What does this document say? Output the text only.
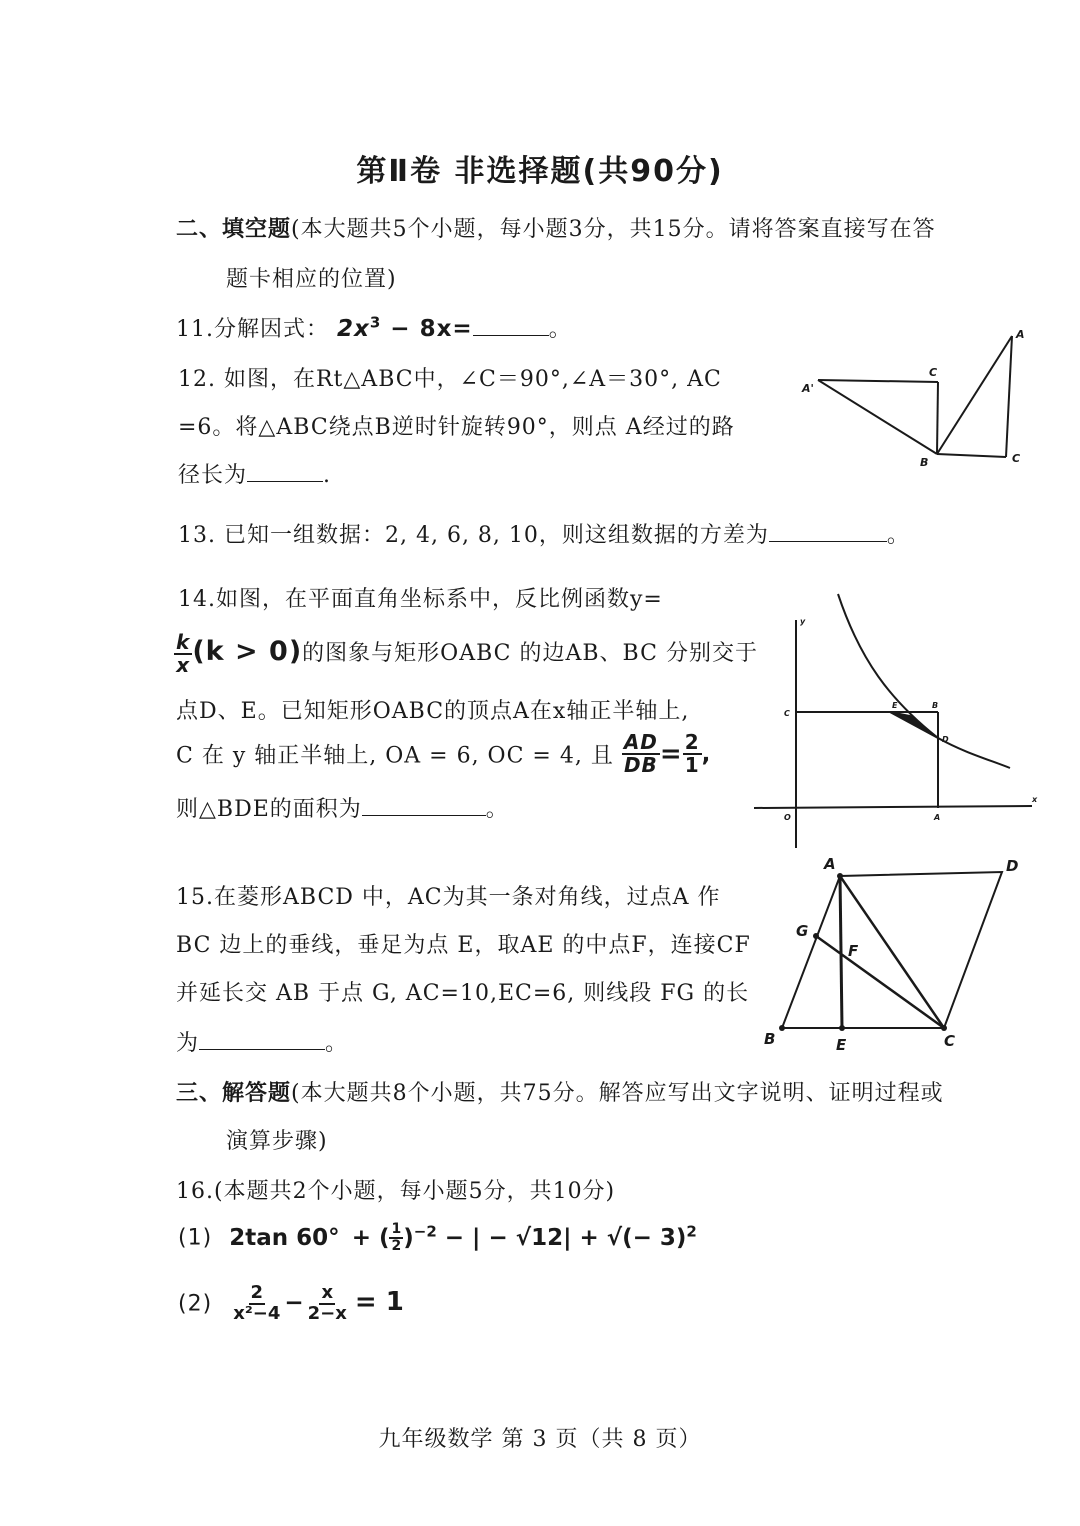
第Ⅱ卷 非选择题(共90分)
二、填空题(本大题共5个小题，每小题3分，共15分。请将答案直接写在答
题卡相应的位置)
11.分解因式： $2x^3 - 8x=$	。
12. 如图，在Rt△ABC中，∠C＝90°,∠A＝30°, AC
=6。将△ABC绕点B逆时针旋转90°，则点 A经过的路
径长为	.
A
A'
C
B	C
13. 已知一组数据：2, 4, 6, 8, 10，则这组数据的方差为	。
14.如图，在平面直角坐标系中，反比例函数y=
$\frac{k}{x} (k > 0)$的图象与矩形OABC 的边AB、BC 分别交于
点D、E。已知矩形OABC的顶点A在x轴正半轴上,
C 在 y 轴正半轴上, OA = 6, OC = 4, 且 $\frac{AD}{DB} = \frac{2}{1}$ ,
则△BDE的面积为	。
y
x
O	A
C
B
D
E
15.在菱形ABCD 中，AC为其一条对角线，过点A 作
BC 边上的垂线，垂足为点 E，取AE 的中点F，连接CF
并延长交 AB 于点 G, AC=10,EC=6, 则线段 FG 的长
为	。
A	D
G
F
B	E	C
三、解答题(本大题共8个小题，共75分。解答应写出文字说明、证明过程或
演算步骤)
16.(本题共2个小题，每小题5分，共10分)
(1) 2tan 60° + ( $\frac{1}{2} )^{-2}$ − | − √12| + √(− 3)$^2$
$(2) \frac{2}{\text{x²−4}} - \frac{x}{2-x} = 1$
九年级数学 第 3 页（共 8 页）
